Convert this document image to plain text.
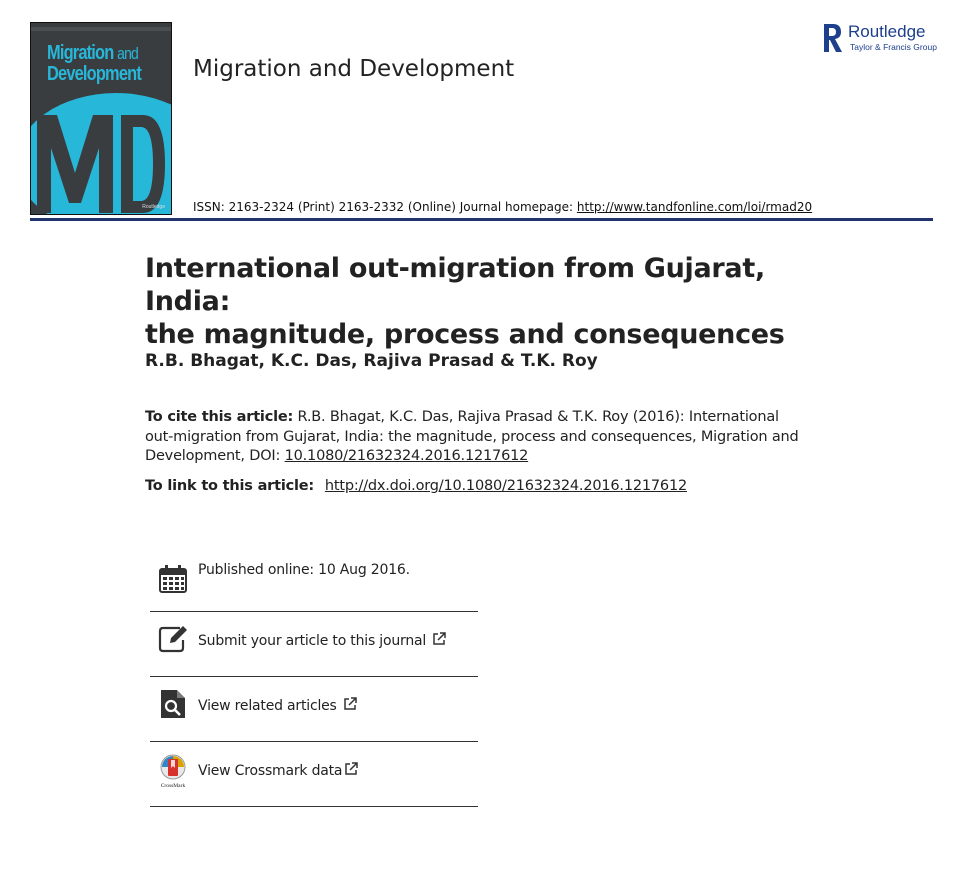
Migration and
Development
Routledge
Migration and Development
ISSN: 2163-2324 (Print) 2163-2332 (Online) Journal homepage: http://www.tandfonline.com/loi/rmad20
Routledge
Taylor & Francis Group
International out-migration from Gujarat, India:
the magnitude, process and consequences
R.B. Bhagat, K.C. Das, Rajiva Prasad & T.K. Roy
To cite this article: R.B. Bhagat, K.C. Das, Rajiva Prasad & T.K. Roy (2016): International out-migration from Gujarat, India: the magnitude, process and consequences, Migration and Development, DOI: 10.1080/21632324.2016.1217612
To link to this article: http://dx.doi.org/10.1080/21632324.2016.1217612
Published online: 10 Aug 2016.
Submit your article to this journal
View related articles
CrossMark
View Crossmark data
